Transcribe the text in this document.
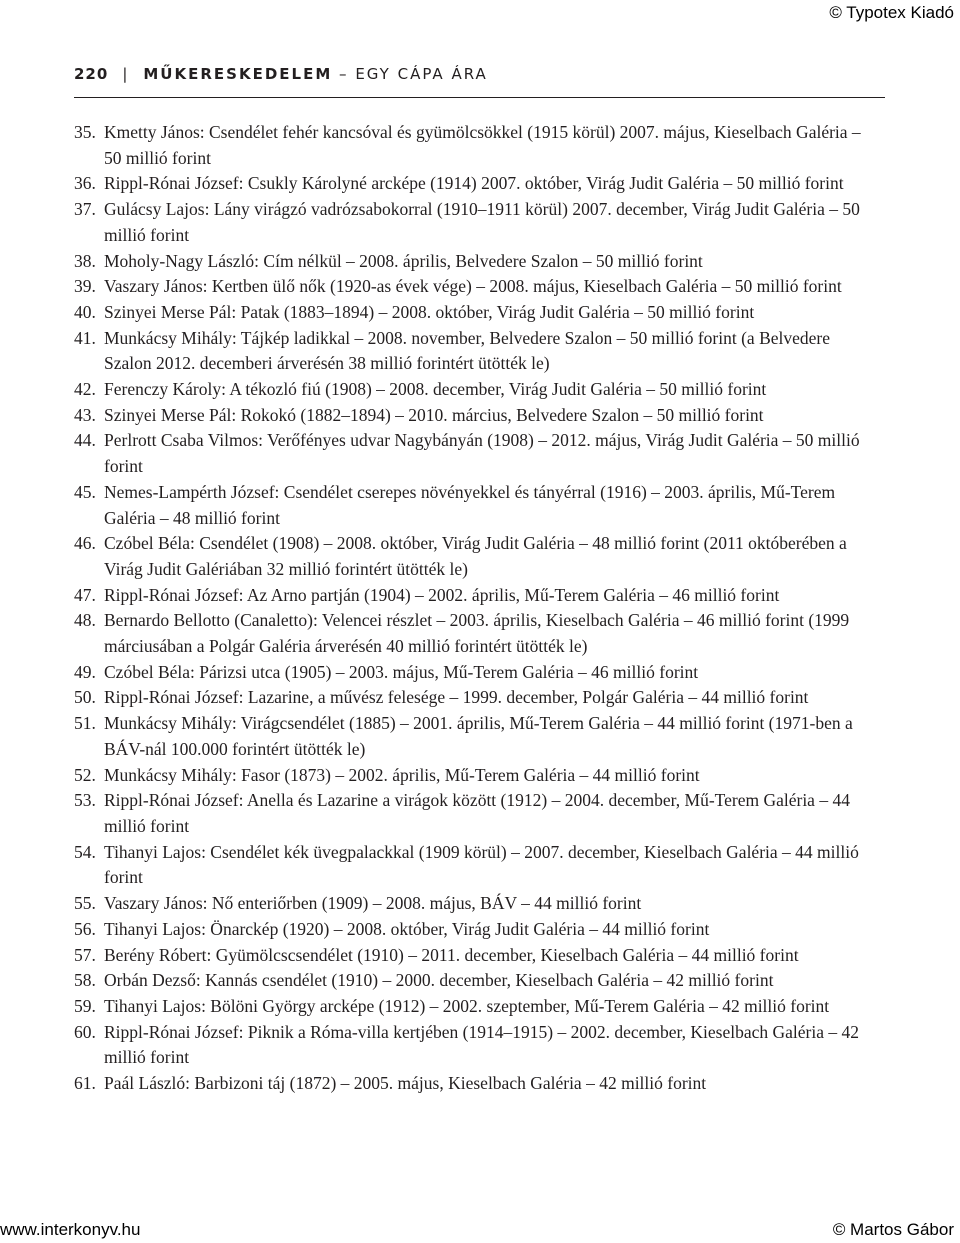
© Typotex Kiadó
220 | MŰKERESKEDELEM – EGY CÁPA ÁRA
35. Kmetty János: Csendélet fehér kancsóval és gyümölcsökkel (1915 körül) 2007. május, Kieselbach Galéria – 50 millió forint
36. Rippl-Rónai József: Csukly Károlyné arcképe (1914) 2007. október, Virág Judit Galéria – 50 millió forint
37. Gulácsy Lajos: Lány virágzó vadrózsabokorral (1910–1911 körül) 2007. december, Virág Judit Galéria – 50 millió forint
38. Moholy-Nagy László: Cím nélkül – 2008. április, Belvedere Szalon – 50 millió forint
39. Vaszary János: Kertben ülő nők (1920-as évek vége) – 2008. május, Kieselbach Galéria – 50 millió forint
40. Szinyei Merse Pál: Patak (1883–1894) – 2008. október, Virág Judit Galéria – 50 millió forint
41. Munkácsy Mihály: Tájkép ladikkal – 2008. november, Belvedere Szalon – 50 millió forint (a Belvedere Szalon 2012. decemberi árverésén 38 millió forintért ütötték le)
42. Ferenczy Károly: A tékozló fiú (1908) – 2008. december, Virág Judit Galéria – 50 millió forint
43. Szinyei Merse Pál: Rokokó (1882–1894) – 2010. március, Belvedere Szalon – 50 millió forint
44. Perlrott Csaba Vilmos: Verőfényes udvar Nagybányán (1908) – 2012. május, Virág Judit Galéria – 50 millió forint
45. Nemes-Lampérth József: Csendélet cserepes növényekkel és tányérral (1916) – 2003. április, Mű-Terem Galéria – 48 millió forint
46. Czóbel Béla: Csendélet (1908) – 2008. október, Virág Judit Galéria – 48 millió forint (2011 októberében a Virág Judit Galériában 32 millió forintért ütötték le)
47. Rippl-Rónai József: Az Arno partján (1904) – 2002. április, Mű-Terem Galéria – 46 millió forint
48. Bernardo Bellotto (Canaletto): Velencei részlet – 2003. április, Kieselbach Galéria – 46 millió forint (1999 márciusában a Polgár Galéria árverésén 40 millió forintért ütötték le)
49. Czóbel Béla: Párizsi utca (1905) – 2003. május, Mű-Terem Galéria – 46 millió forint
50. Rippl-Rónai József: Lazarine, a művész felesége – 1999. december, Polgár Galéria – 44 millió forint
51. Munkácsy Mihály: Virágcsendélet (1885) – 2001. április, Mű-Terem Galéria – 44 millió forint (1971-ben a BÁV-nál 100.000 forintért ütötték le)
52. Munkácsy Mihály: Fasor (1873) – 2002. április, Mű-Terem Galéria – 44 millió forint
53. Rippl-Rónai József: Anella és Lazarine a virágok között (1912) – 2004. december, Mű-Terem Galéria – 44 millió forint
54. Tihanyi Lajos: Csendélet kék üvegpalackkal (1909 körül) – 2007. december, Kieselbach Galéria – 44 millió forint
55. Vaszary János: Nő enteriőrben (1909) – 2008. május, BÁV – 44 millió forint
56. Tihanyi Lajos: Önarckép (1920) – 2008. október, Virág Judit Galéria – 44 millió forint
57. Berény Róbert: Gyümölcscsendélet (1910) – 2011. december, Kieselbach Galéria – 44 millió forint
58. Orbán Dezső: Kannás csendélet (1910) – 2000. december, Kieselbach Galéria – 42 millió forint
59. Tihanyi Lajos: Bölöni György arcképe (1912) – 2002. szeptember, Mű-Terem Galéria – 42 millió forint
60. Rippl-Rónai József: Piknik a Róma-villa kertjében (1914–1915) – 2002. december, Kieselbach Galéria – 42 millió forint
61. Paál László: Barbizoni táj (1872) – 2005. május, Kieselbach Galéria – 42 millió forint
www.interkonyv.hu	© Martos Gábor
